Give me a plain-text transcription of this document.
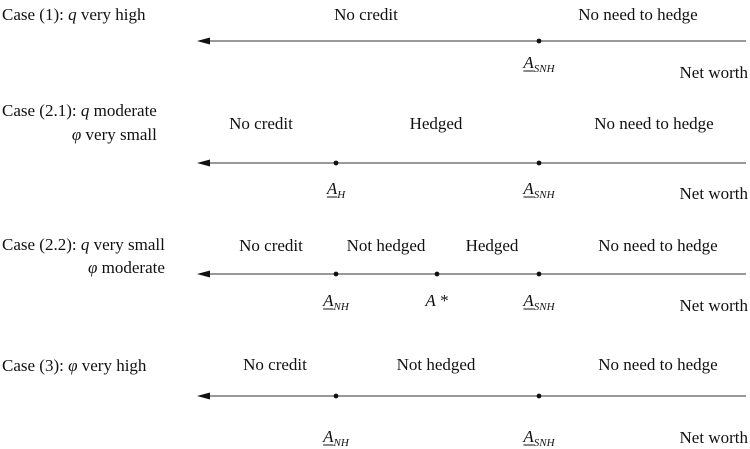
Case (1): q very high	No credit	No need to hedge
Net worth
$A_{SNH}$
Case (2.1): q moderate
φ very small
No credit	Hedged	No need to hedge
Net worth
$A_H$	$A_{SNH}$
Case (2.2): q very small
φ moderate
No credit	Not hedged Hedged	No need to hedge
Net worth
$A_{NH}$	A *	$A_{SNH}$
Case (3): φ very high	No credit	Not hedged	No need to hedge
Net worth
$A_{NH}$	$A_{SNH}$
